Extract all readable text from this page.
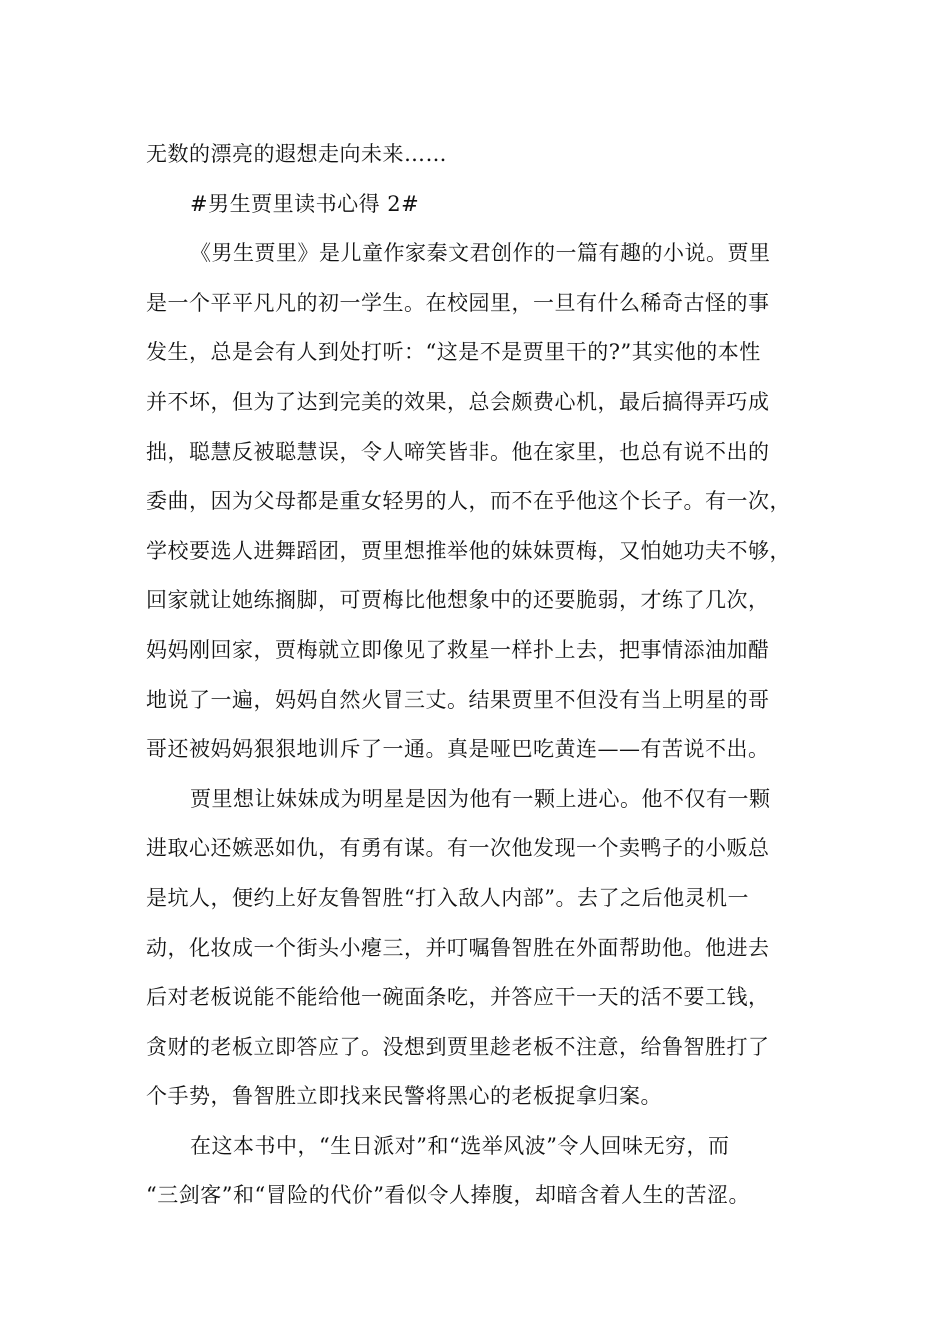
无数的漂亮的遐想走向未来……
#男生贾里读书心得 2#
《男生贾里》是儿童作家秦文君创作的一篇有趣的小说。贾里
是一个平平凡凡的初一学生。在校园里，一旦有什么稀奇古怪的事
发生，总是会有人到处打听：“这是不是贾里干的?”其实他的本性
并不坏，但为了达到完美的效果，总会颇费心机，最后搞得弄巧成
拙，聪慧反被聪慧误，令人啼笑皆非。他在家里，也总有说不出的
委曲，因为父母都是重女轻男的人，而不在乎他这个长子。有一次，
学校要选人进舞蹈团，贾里想推举他的妹妹贾梅，又怕她功夫不够，
回家就让她练搁脚，可贾梅比他想象中的还要脆弱，才练了几次，
妈妈刚回家，贾梅就立即像见了救星一样扑上去，把事情添油加醋
地说了一遍，妈妈自然火冒三丈。结果贾里不但没有当上明星的哥
哥还被妈妈狠狠地训斥了一通。真是哑巴吃黄连——有苦说不出。
贾里想让妹妹成为明星是因为他有一颗上进心。他不仅有一颗
进取心还嫉恶如仇，有勇有谋。有一次他发现一个卖鸭子的小贩总
是坑人，便约上好友鲁智胜“打入敌人内部”。去了之后他灵机一
动，化妆成一个街头小瘪三，并叮嘱鲁智胜在外面帮助他。他进去
后对老板说能不能给他一碗面条吃，并答应干一天的活不要工钱，
贪财的老板立即答应了。没想到贾里趁老板不注意，给鲁智胜打了
个手势，鲁智胜立即找来民警将黑心的老板捉拿归案。
在这本书中，“生日派对”和“选举风波”令人回味无穷，而
“三剑客”和“冒险的代价”看似令人捧腹，却暗含着人生的苦涩。
